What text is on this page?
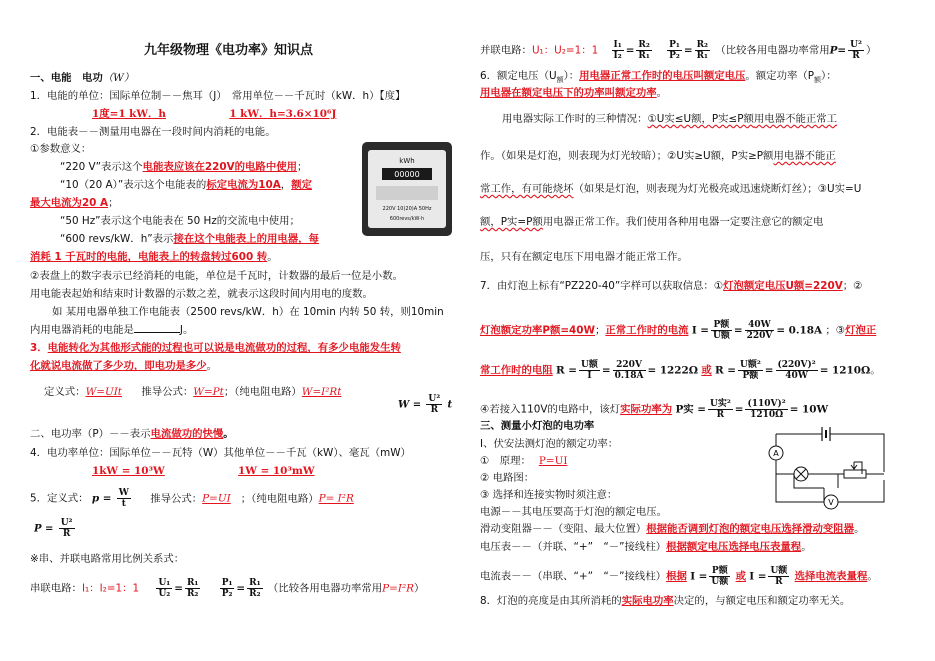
九年级物理《电功率》知识点
一、电能　电功（W）
1．电能的单位：国际单位制－－焦耳（J）　常用单位－－千瓦时（kW．h）【度】
1度=1 kW．h	1 kW．h=3.6×10⁶J
2．电能表－－测量用电器在一段时间内消耗的电能。
①参数意义：
“220 V”表示这个电能表应该在220V的电路中使用；
“10（20 A）”表示这个电能表的标定电流为10A，额定
最大电流为20 A；
“50 Hz”表示这个电能表在 50 Hz的交流电中使用；
“600 revs/kW．h”表示接在这个电能表上的用电器，每
消耗 1 千瓦时的电能，电能表上的转盘转过600 转。
②表盘上的数字表示已经消耗的电能，单位是千瓦时，计数器的最后一位是小数。
用电能表起始和结束时计数器的示数之差，就表示这段时间内用电的度数。
如 某用电器单独工作电能表（2500 revs/kW．h）在 10min 内转 50 转，则10min
内用电器消耗的电能是	J。
3．电能转化为其他形式能的过程也可以说是电流做功的过程，有多少电能发生转
化就说电流做了多少功，即电功是多少。
定义式：W=UIt 推导公式：W=Pt；（纯电阻电路）W=I²Rt
$W = \frac{\text{U²}}{R}$ t
二、电功率（P）－－表示电流做功的快慢。
4．电功率单位：国际单位－－瓦特（W）其他单位－－千瓦（kW）、毫瓦（mW）
1kW = 10³W	1W = 10³mW
5．定义式： $p = \frac{W}{t}$ 推导公式：P=UI ；（纯电阻电路）P= I²R
$P = \frac{\text{U²}}{R}$
※串、并联电路常用比例关系式：
串联电路：I₁：I₂=1：$1 \frac{\text{U₁}}{\text{U₂}} = \frac{\text{R₁}}{\text{R₂}}$
$\frac{\text{P₁}}{\text{P₂}} = \frac{\text{R₁}}{\text{R₂}}$ （比较各用电器功率常用P=I²R）
00000
kWh
220V 10(20)A 50Hz
600revs/kW·h
并联电路：U₁：U₂=1：$1 \frac{\text{I₁}}{\text{I₂}} = \frac{\text{R₂}}{\text{R₁}}$
$\frac{\text{P₁}}{\text{P₂}} = \frac{\text{R₂}}{\text{R₁}}$ （比较各用电器功率常用$P= \frac{\text{U²}}{R}$ ）
6．额定电压$(U_额)$：用电器正常工作时的电压叫额定电压。额定功率$(P_额)$：
用电器在额定电压下的功率叫额定功率。
用电器实际工作时的三种情况：①U实≤U额，P实≤P额用电器不能正常工
作。（如果是灯泡，则表现为灯光较暗）；②U实≥U额，P实≥P额用电器不能正
常工作，有可能烧坏（如果是灯泡，则表现为灯光极亮或迅速烧断灯丝）；③U实=U
额，P实=P额用电器正常工作。我们使用各种用电器一定要注意它的额定电
压，只有在额定电压下用电器才能正常工作。
7．由灯泡上标有“PZ220-40”字样可以获取信息：①灯泡额定电压U额=220V；②
灯泡额定功率P额=40W；正常工作时的电流 $I = \frac{\text{P额}}{\text{U额}} = \frac{40W}{220V} = 0.18A$ ；③灯泡正
常工作时的电阻 $R = \frac{\text{U额}}{I} = \frac{220V}{0.18A} = 1222\Omega$ 或 $R = \frac{\text{U额²}}{\text{P额}} = \frac{\text{(220V)²}}{40W} = 1210\Omega$。
④若接入110V的电路中，该灯实际功率为 P实 = $\frac{\text{U实²}}{R} = \frac{\text{(110V)²}}{1210\Omega} = 10W$
三、测量小灯泡的电功率
Ⅰ、伏安法测灯泡的额定功率：
①　原理： P=UI
② 电路图：
③ 选择和连接实物时须注意：
电源－－其电压要高于灯泡的额定电压。
滑动变阻器－－（变阻、最大位置）根据能否调到灯泡的额定电压选择滑动变阻器。
电压表－－（并联、“+”　“－”接线柱）根据额定电压选择电压表量程。
电流表－－（串联、“+”　“－”接线柱）根据 $I = \frac{\text{P额}}{\text{U额}}$ 或 $I = \frac{\text{U额}}{R}$ 选择电流表量程。
8．灯泡的亮度是由其所消耗的实际电功率决定的，与额定电压和额定功率无关。
A
V
